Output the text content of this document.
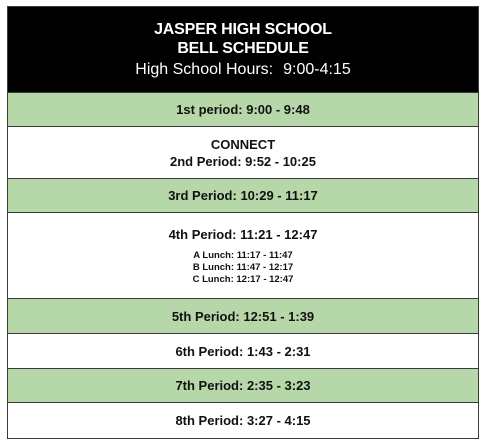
JASPER HIGH SCHOOL
BELL SCHEDULE
High School Hours: 9:00-4:15
1st period: 9:00 - 9:48
CONNECT
2nd Period: 9:52 - 10:25
3rd Period: 10:29 - 11:17
4th Period: 11:21 - 12:47
A Lunch: 11:17 - 11:47
B Lunch: 11:47 - 12:17
C Lunch: 12:17 - 12:47
5th Period: 12:51 - 1:39
6th Period: 1:43 - 2:31
7th Period: 2:35 - 3:23
8th Period: 3:27 - 4:15
